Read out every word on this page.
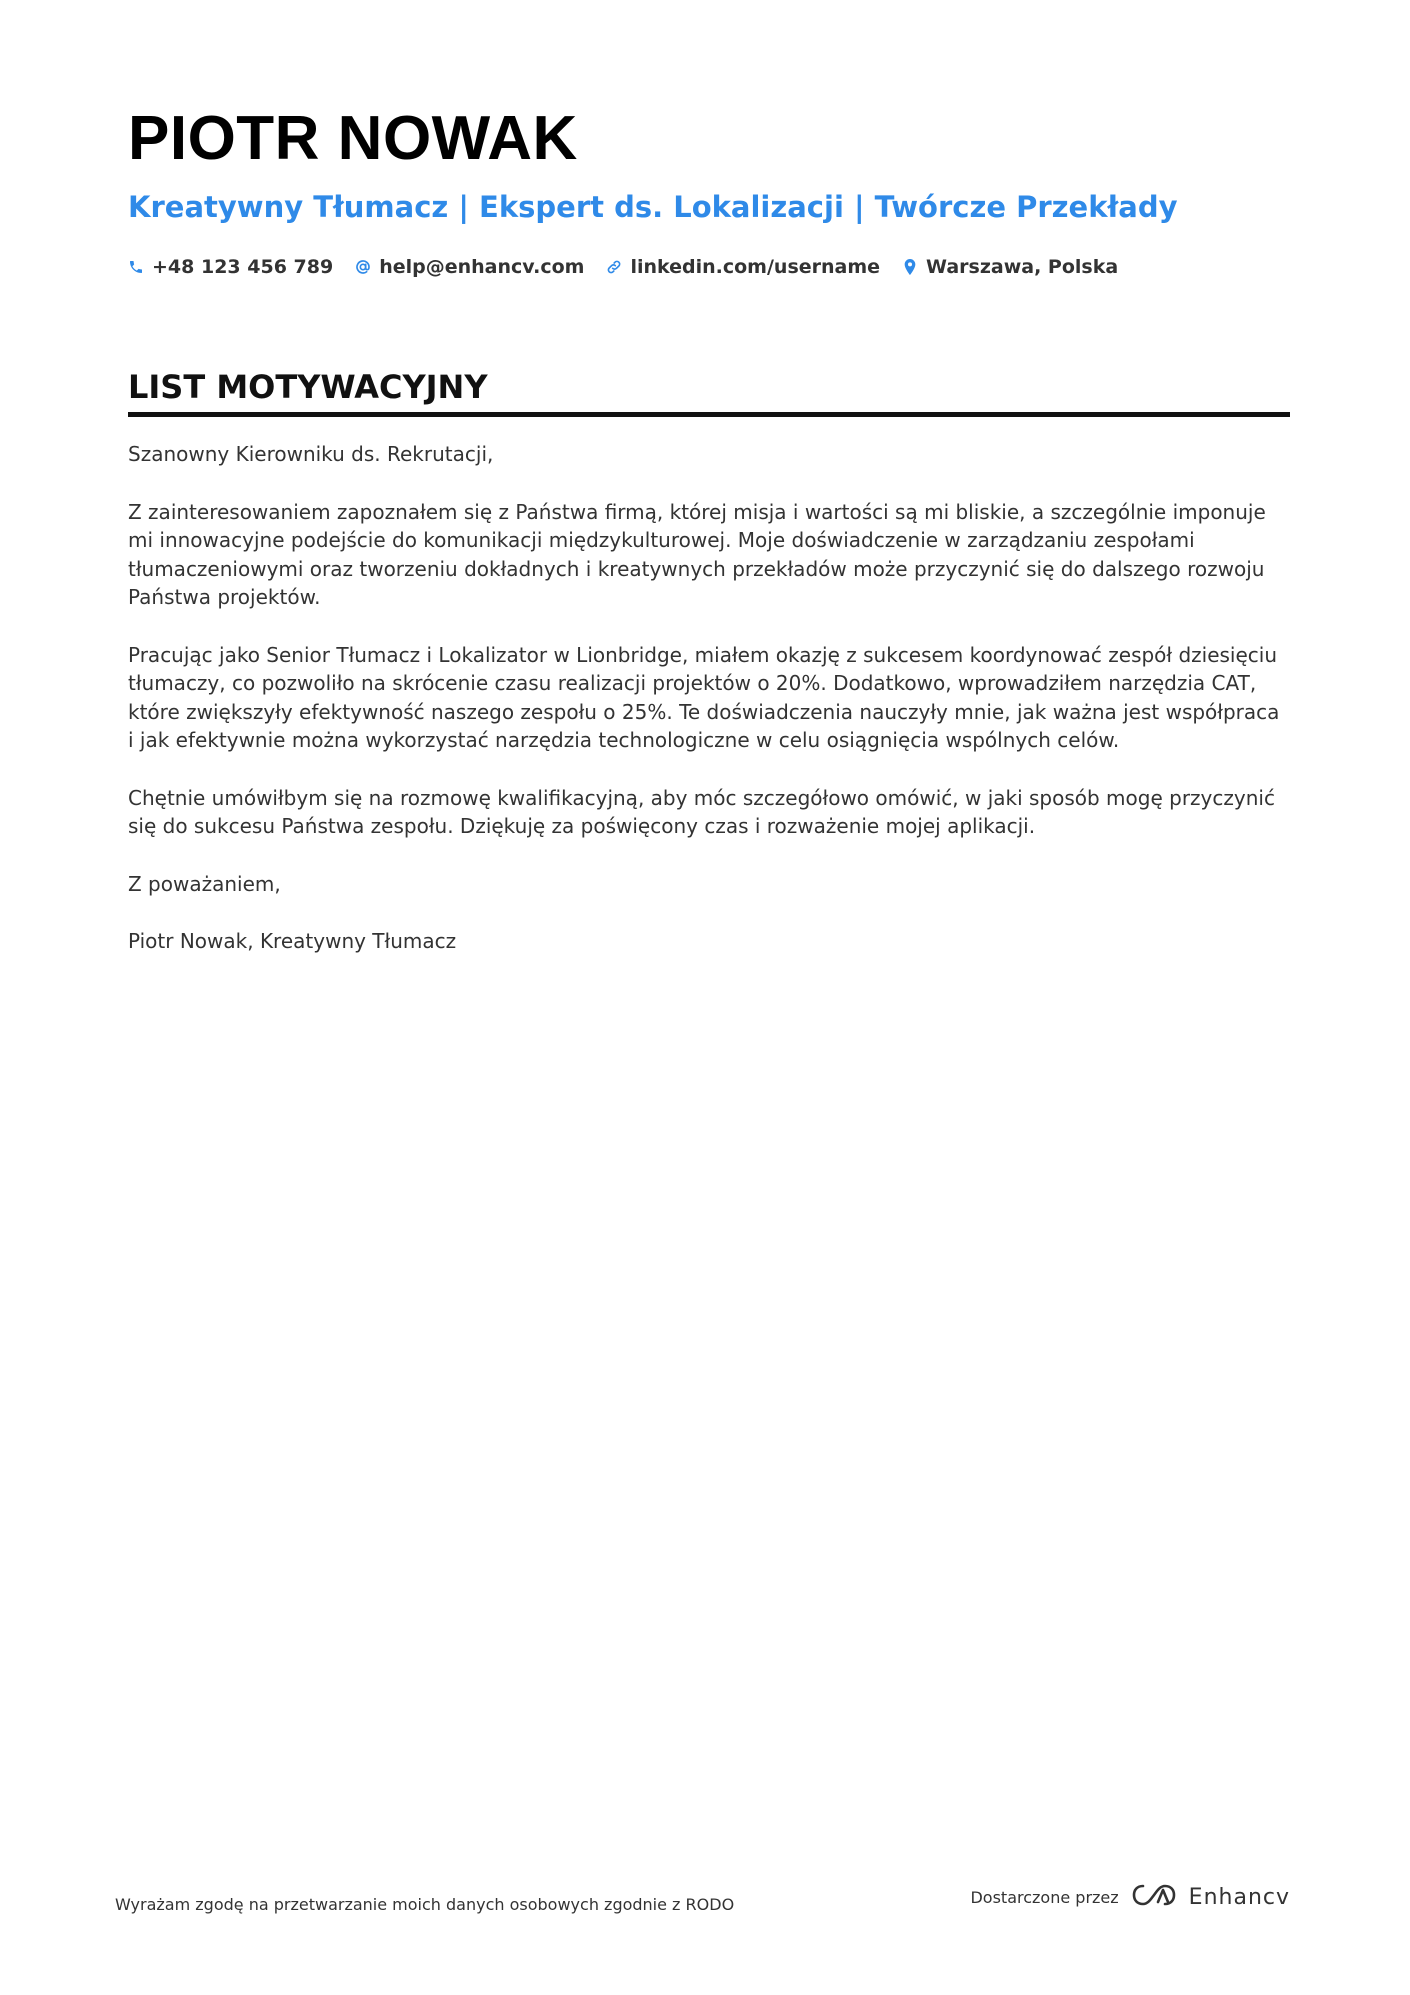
PIOTR NOWAK
Kreatywny Tłumacz | Ekspert ds. Lokalizacji | Twórcze Przekłady
+48 123 456 789 help@enhancv.com linkedin.com/username Warszawa, Polska
LIST MOTYWACYJNY

Szanowny Kierowniku ds. Rekrutacji,

Z zainteresowaniem zapoznałem się z Państwa firmą, której misja i wartości są mi bliskie, a szczególnie imponuje mi innowacyjne podejście do komunikacji międzykulturowej. Moje doświadczenie w zarządzaniu zespołami tłumaczeniowymi oraz tworzeniu dokładnych i kreatywnych przekładów może przyczynić się do dalszego rozwoju Państwa projektów.

Pracując jako Senior Tłumacz i Lokalizator w Lionbridge, miałem okazję z sukcesem koordynować zespół dziesięciu tłumaczy, co pozwoliło na skrócenie czasu realizacji projektów o 20%. Dodatkowo, wprowadziłem narzędzia CAT, które zwiększyły efektywność naszego zespołu o 25%. Te doświadczenia nauczyły mnie, jak ważna jest współpraca i jak efektywnie można wykorzystać narzędzia technologiczne w celu osiągnięcia wspólnych celów.

Chętnie umówiłbym się na rozmowę kwalifikacyjną, aby móc szczegółowo omówić, w jaki sposób mogę przyczynić się do sukcesu Państwa zespołu. Dziękuję za poświęcony czas i rozważenie mojej aplikacji.

Z poważaniem,

Piotr Nowak, Kreatywny Tłumacz

Wyrażam zgodę na przetwarzanie moich danych osobowych zgodnie z RODO	Dostarczone przez	Enhancv
